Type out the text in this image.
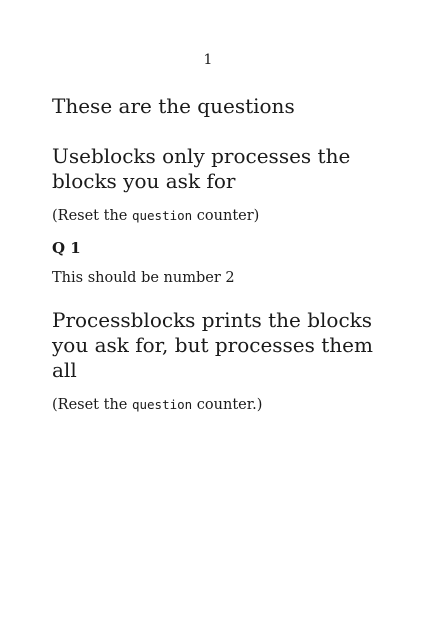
1
These are the questions
Useblocks only processes the blocks you ask for

(Reset the question counter)

Q 1

This should be number 2

Processblocks prints the blocks you ask for, but processes them all

(Reset the question counter.)
